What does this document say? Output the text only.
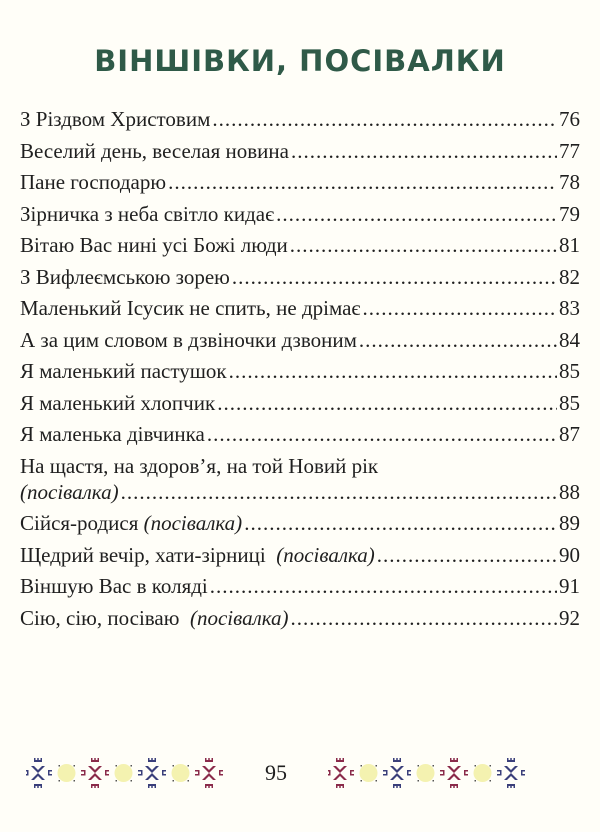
ВІНШІВКИ, ПОСІВАЛКИ
З Різдвом Христовим .....	76
Веселий день, веселая новина .....	77
Пане господарю .....	78
Зірничка з неба світло кидає .....	79
Вітаю Вас нині усі Божі люди .....	81
З Вифлеємською зорею .....	82
Маленький Ісусик не спить, не дрімає .....	83
А за цим словом в дзвіночки дзвоним .....	84
Я маленький пастушок .....	85
Я маленький хлопчик .....	85
Я маленька дівчинка .....	87
На щастя, на здоров’я, на той Новий рік
(посівалка) .....	88
Сійся-родися
(посівалка) .....	89
Щедрий вечір, хати-зірниці
(посівалка) .....	90
Віншую Вас в коляді .....	91
Сію, сію, посіваю
(посівалка) .....	92
95
